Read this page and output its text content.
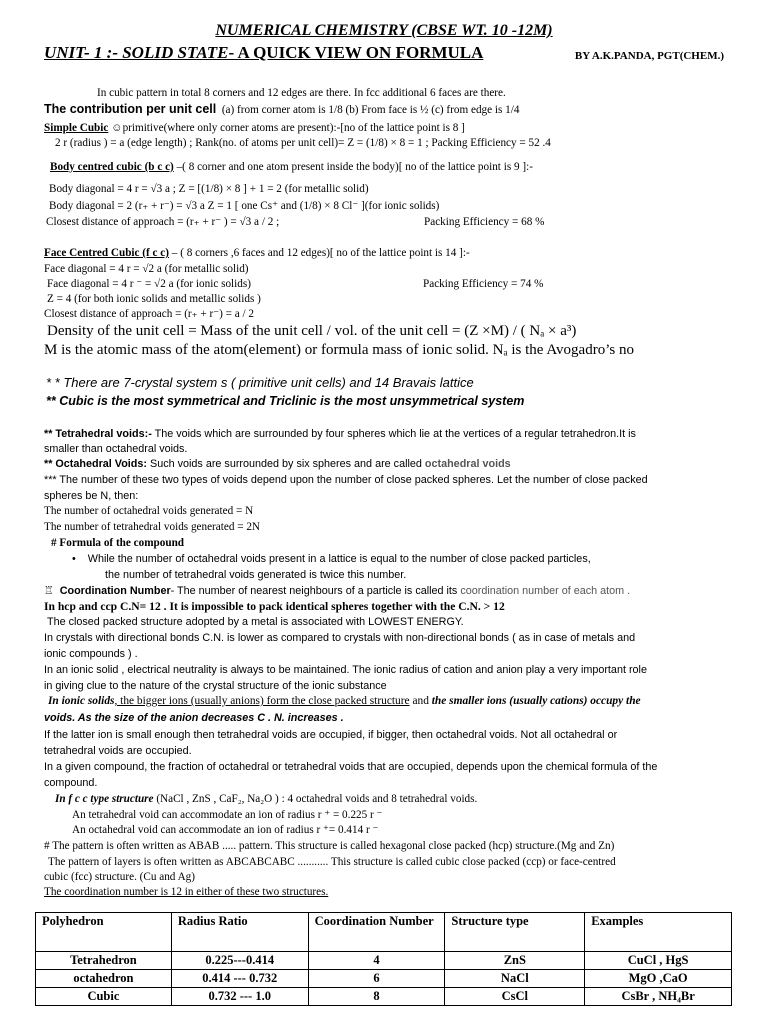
NUMERICAL CHEMISTRY (CBSE WT. 10 -12M)
UNIT- 1 :- SOLID STATE- A QUICK VIEW ON FORMULA	BY A.K.PANDA, PGT(CHEM.)
In cubic pattern in total 8 corners and 12 edges are there. In fcc additional 6 faces are there.
The contribution per unit cell (a) from corner atom is 1/8 (b) From face is ½ (c) from edge is 1/4
Simple Cubic ☺primitive(where only corner atoms are present):-[no of the lattice point is 8 ]
2 r (radius ) = a (edge length) ; Rank(no. of atoms per unit cell)= Z = (1/8) × 8 = 1 ; Packing Efficiency = 52 .4
Body centred cubic (b c c) –( 8 corner and one atom present inside the body)[ no of the lattice point is 9 ]:-
Body diagonal = 4 r = √3 a ; Z = [(1/8) × 8 ] + 1 = 2 (for metallic solid)
Body diagonal = 2 (r₊ + r⁻) = √3 a Z = 1 [ one Cs⁺ and (1/8) × 8 Cl⁻ ](for ionic solids)
Closest distance of approach = (r₊ + r⁻ ) = √3 a / 2 ;	Packing Efficiency = 68 %
Face Centred Cubic (f c c) – ( 8 corners ,6 faces and 12 edges)[ no of the lattice point is 14 ]:-
Face diagonal = 4 r = √2 a (for metallic solid)
Face diagonal = 4 r ⁻ = √2 a (for ionic solids)	Packing Efficiency = 74 %
Z = 4 (for both ionic solids and metallic solids )
Closest distance of approach = (r₊ + r⁻) = a / 2
Density of the unit cell = Mass of the unit cell / vol. of the unit cell = (Z ×M) / ( Nₐ × a³)
M is the atomic mass of the atom(element) or formula mass of ionic solid. Nₐ is the Avogadro’s no
* * There are 7-crystal system s ( primitive unit cells) and 14 Bravais lattice
** Cubic is the most symmetrical and Triclinic is the most unsymmetrical system
** Tetrahedral voids:- The voids which are surrounded by four spheres which lie at the vertices of a regular tetrahedron.It is
smaller than octahedral voids.
** Octahedral Voids: Such voids are surrounded by six spheres and are called octahedral voids
*** The number of these two types of voids depend upon the number of close packed spheres. Let the number of close packed
spheres be N, then:
The number of octahedral voids generated = N
The number of tetrahedral voids generated = 2N
# Formula of the compound
•    While the number of octahedral voids present in a lattice is equal to the number of close packed particles,
the number of tetrahedral voids generated is twice this number.
♖ Coordination Number- The number of nearest neighbours of a particle is called its coordination number of each atom .
In hcp and ccp C.N= 12 . It is impossible to pack identical spheres together with the C.N. > 12
The closed packed structure adopted by a metal is associated with LOWEST ENERGY.
In crystals with directional bonds C.N. is lower as compared to crystals with non-directional bonds ( as in case of metals and
ionic compounds ) .
In an ionic solid , electrical neutrality is always to be maintained. The ionic radius of cation and anion play a very important role
in giving clue to the nature of the crystal structure of the ionic substance
In ionic solids, the bigger ions (usually anions) form the close packed structure and the smaller ions (usually cations) occupy the
voids. As the size of the anion decreases C . N. increases .
If the latter ion is small enough then tetrahedral voids are occupied, if bigger, then octahedral voids. Not all octahedral or
tetrahedral voids are occupied.
In a given compound, the fraction of octahedral or tetrahedral voids that are occupied, depends upon the chemical formula of the
compound.
In f c c type structure (NaCl , ZnS , CaF₂, Na₂O ) : 4 octahedral voids and 8 tetrahedral voids.
An tetrahedral void can accommodate an ion of radius r ⁺ = 0.225 r ⁻
An octahedral void can accommodate an ion of radius r ⁺= 0.414 r ⁻
# The pattern is often written as ABAB ..... pattern. This structure is called hexagonal close packed (hcp) structure.(Mg and Zn)
The pattern of layers is often written as ABCABCABC ........... This structure is called cubic close packed (ccp) or face-centred
cubic (fcc) structure. (Cu and Ag)
The coordination number is 12 in either of these two structures.
Polyhedron	Radius Ratio	Coordination Number	Structure type	Examples
Tetrahedron	0.225---0.414	4	ZnS	CuCl , HgS
octahedron	0.414 --- 0.732	6	NaCl	MgO ,CaO
Cubic	0.732 --- 1.0	8	CsCl	CsBr , NH₄Br
